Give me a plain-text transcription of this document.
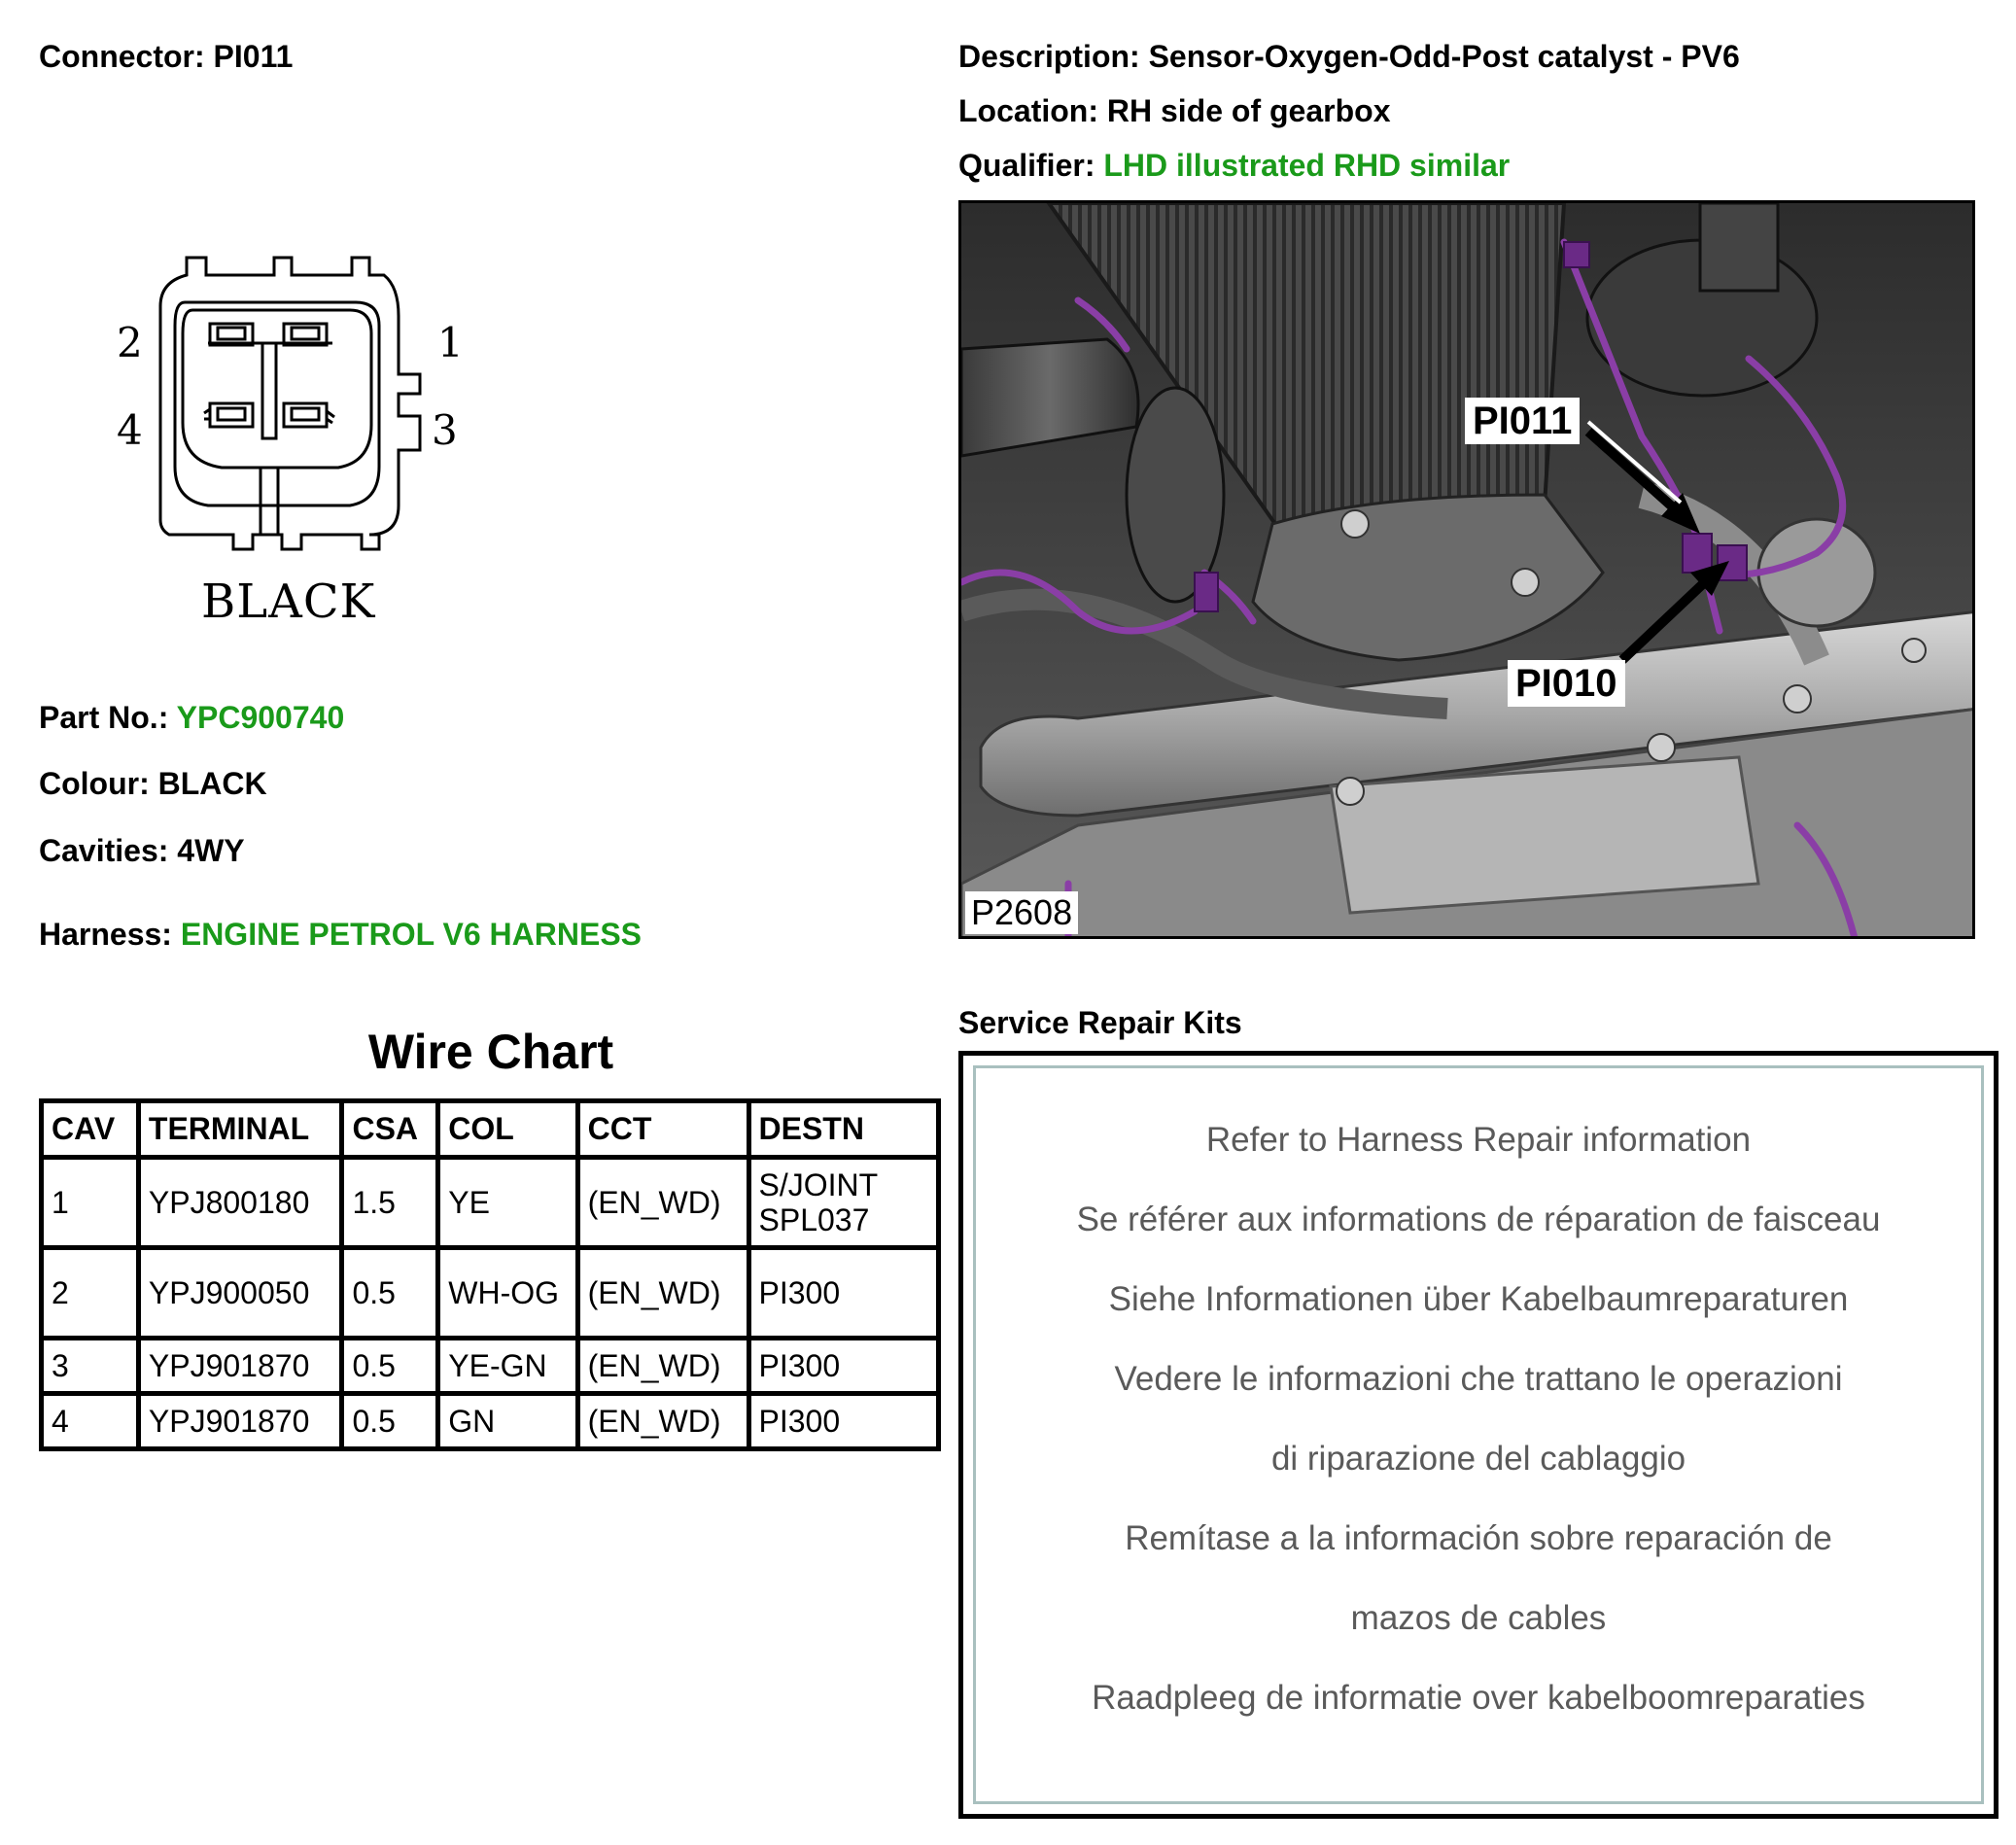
Connector: PI011
1
2
3
4
BLACK
Part No.: YPC900740
Colour: BLACK
Cavities: 4WY
Harness: ENGINE PETROL V6 HARNESS
Wire Chart
CAV	TERMINAL	CSA	COL	CCT	DESTN
1	YPJ800180	1.5	YE	(EN_WD)	S/JOINT SPL037
2	YPJ900050	0.5	WH-OG	(EN_WD)	PI300
3	YPJ901870	0.5	YE-GN	(EN_WD)	PI300
4	YPJ901870	0.5	GN	(EN_WD)	PI300
Description: Sensor-Oxygen-Odd-Post catalyst - PV6
Location: RH side of gearbox
Qualifier: LHD illustrated RHD similar
PI011
PI010
P2608
Service Repair Kits
Refer to Harness Repair information
Se référer aux informations de réparation de faisceau
Siehe Informationen über Kabelbaumreparaturen
Vedere le informazioni che trattano le operazioni
di riparazione del cablaggio
Remítase a la información sobre reparación de
mazos de cables
Raadpleeg de informatie over kabelboomreparaties
